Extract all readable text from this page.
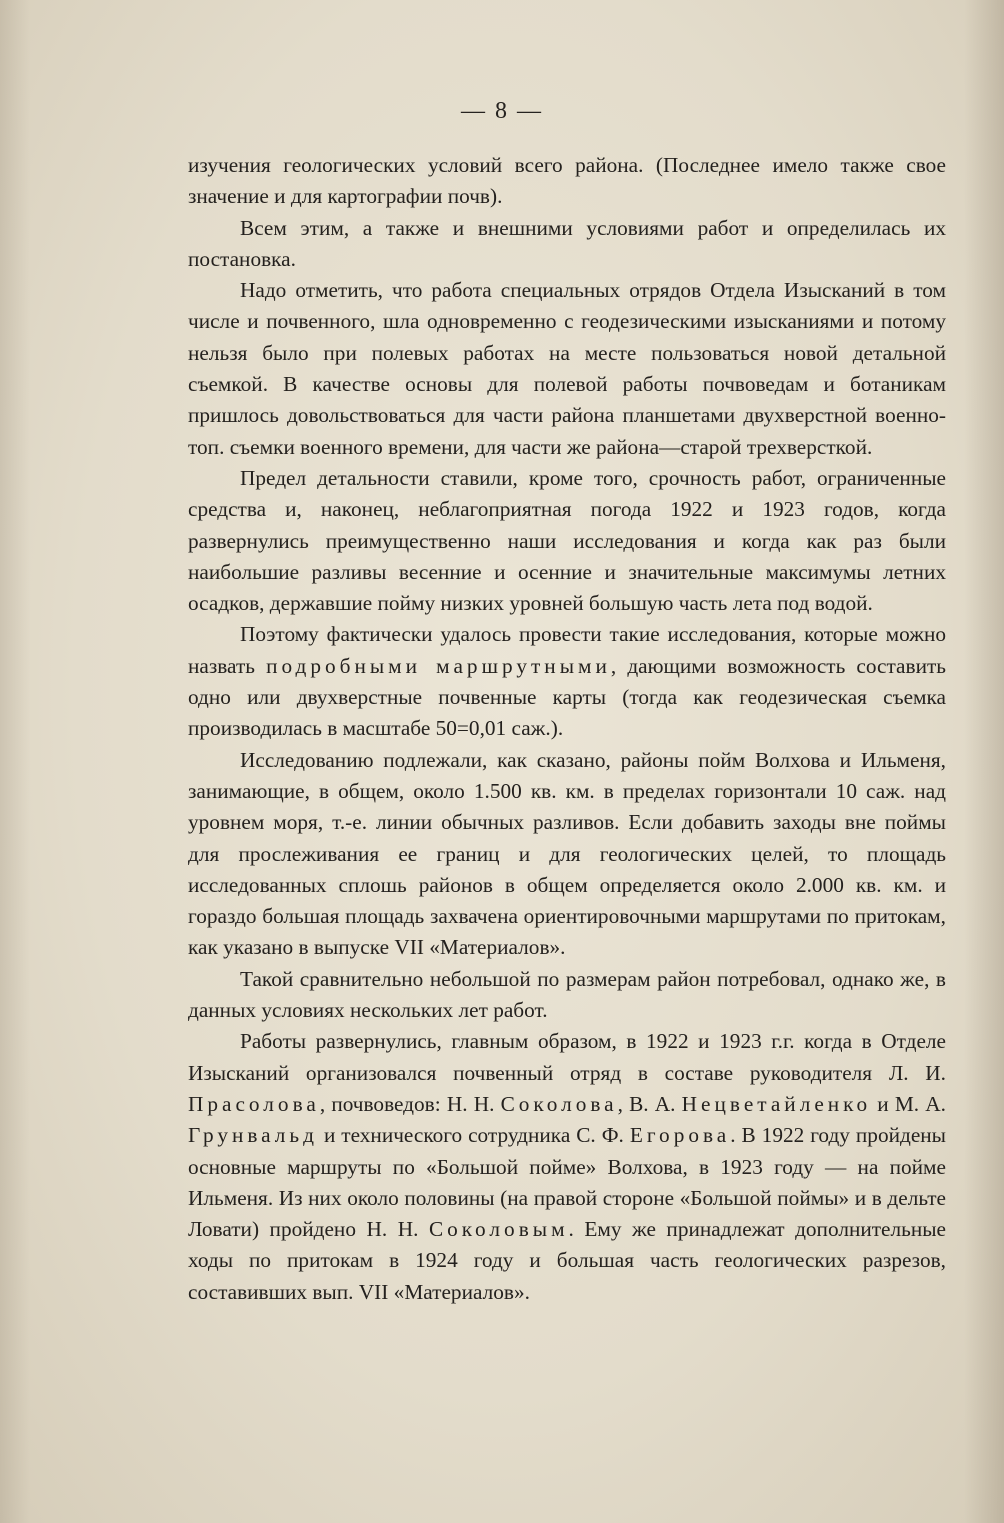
— 8 —

изучения геологических условий всего района. (Последнее имело также свое значение и для картографии почв).

Всем этим, а также и внешними условиями работ и определилась их постановка.

Надо отметить, что работа специальных отрядов Отдела Изысканий в том числе и почвенного, шла одновременно с геодезическими изысканиями и потому нельзя было при полевых работах на месте пользоваться новой детальной съемкой. В качестве основы для полевой работы почвоведам и ботаникам пришлось довольствоваться для части района планшетами двухверстной военно-топ. съемки военного времени, для части же района—старой трехверсткой.

Предел детальности ставили, кроме того, срочность работ, ограниченные средства и, наконец, неблагоприятная погода 1922 и 1923 годов, когда развернулись преимущественно наши исследования и когда как раз были наибольшие разливы весенние и осенние и значительные максимумы летних осадков, державшие пойму низких уровней большую часть лета под водой.

Поэтому фактически удалось провести такие исследования, которые можно назвать подробными маршрутными, дающими возможность составить одно или двухверстные почвенные карты (тогда как геодезическая съемка производилась в масштабе 50=0,01 саж.).

Исследованию подлежали, как сказано, районы пойм Волхова и Ильменя, занимающие, в общем, около 1.500 кв. км. в пределах горизонтали 10 саж. над уровнем моря, т.-е. линии обычных разливов. Если добавить заходы вне поймы для прослеживания ее границ и для геологических целей, то площадь исследованных сплошь районов в общем определяется около 2.000 кв. км. и гораздо большая площадь захвачена ориентировочными маршрутами по притокам, как указано в выпуске VII «Материалов».

Такой сравнительно небольшой по размерам район потребовал, однако же, в данных условиях нескольких лет работ.

Работы развернулись, главным образом, в 1922 и 1923 г.г. когда в Отделе Изысканий организовался почвенный отряд в составе руководителя Л. И. Прасолова, почвоведов: Н. Н. Соколова, В. А. Нецветайленко и М. А. Грунвальд и технического сотрудника С. Ф. Егорова. В 1922 году пройдены основные маршруты по «Большой пойме» Волхова, в 1923 году — на пойме Ильменя. Из них около половины (на правой стороне «Большой поймы» и в дельте Ловати) пройдено Н. Н. Соколовым. Ему же принадлежат дополнительные ходы по притокам в 1924 году и большая часть геологических разрезов, составивших вып. VII «Материалов».
